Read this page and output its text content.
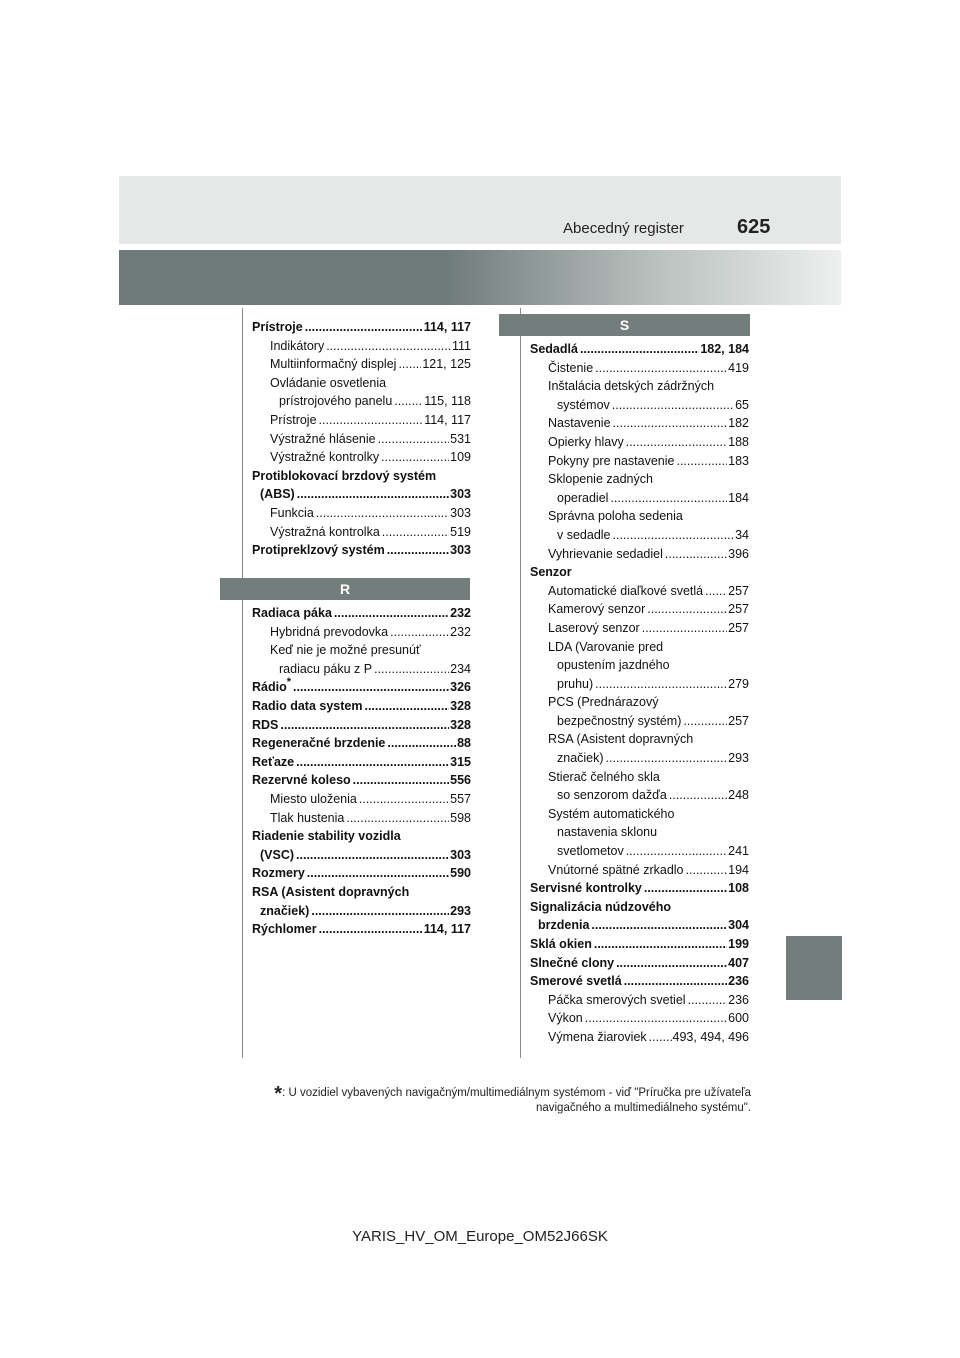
Abecedný register	625
Prístroje .....	114, 117
Indikátory .....	111
Multiinformačný displej ..... 121, 125
Ovládanie osvetlenia
prístrojového panelu .....	115, 118
Prístroje .....	114, 117
Výstražné hlásenie .....	531
Výstražné kontrolky .....	109
Protiblokovací brzdový systém
(ABS) .....	303
Funkcia .....	303
Výstražná kontrolka .....	519
Protipreklzový systém .....	303
R
Radiaca páka .....	232
Hybridná prevodovka .....	232
Keď nie je možné presunúť
radiacu páku z P .....	234
Rádio* .....	326
Radio data system .....	328
RDS .....	328
Regeneračné brzdenie .....	88
Reťaze .....	315
Rezervné koleso .....	556
Miesto uloženia .....	557
Tlak hustenia .....	598
Riadenie stability vozidla
(VSC) .....	303
Rozmery .....	590
RSA (Asistent dopravných
značiek) .....	293
Rýchlomer .....	114, 117
S
Sedadlá .....	182, 184
Čistenie .....	419
Inštalácia detských zádržných
systémov .....	65
Nastavenie .....	182
Opierky hlavy .....	188
Pokyny pre nastavenie .....	183
Sklopenie zadných
operadiel .....	184
Správna poloha sedenia
v sedadle .....	34
Vyhrievanie sedadiel .....	396
Senzor
Automatické diaľkové svetlá ..... 257
Kamerový senzor .....	257
Laserový senzor .....	257
LDA (Varovanie pred
opustením jazdného
pruhu) .....	279
PCS (Prednárazový
bezpečnostný systém) .....	257
RSA (Asistent dopravných
značiek) .....	293
Stierač čelného skla
so senzorom dažďa .....	248
Systém automatického
nastavenia sklonu
svetlometov .....	241
Vnútorné spätné zrkadlo .....	194
Servisné kontrolky .....	108
Signalizácia núdzového
brzdenia .....	304
Sklá okien .....	199
Slnečné clony .....	407
Smerové svetlá .....	236
Páčka smerových svetiel .....	236
Výkon .....	600
Výmena žiaroviek ..... 493, 494, 496
*: U vozidiel vybavených navigačným/multimediálnym systémom - viď "Príručka pre užívateľa
navigačného a multimediálneho systému".
YARIS_HV_OM_Europe_OM52J66SK
